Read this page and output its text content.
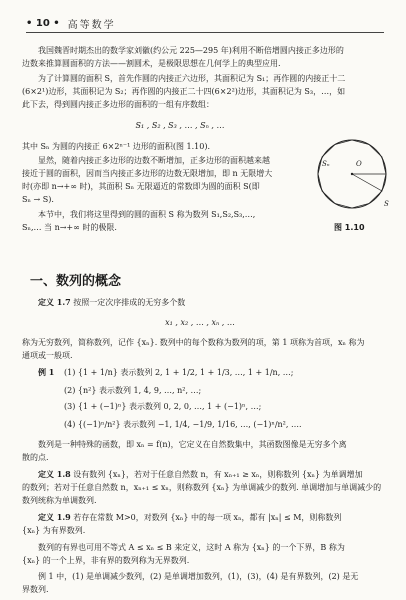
• 10 • 高等数学
我国魏晋时期杰出的数学家刘徽(约公元 225—295 年)利用不断倍增圆内接正多边形的
边数来推算圆面积的方法——割圆术，是极限思想在几何学上的典型应用.
为了计算圆的面积 S，首先作圆的内接正六边形，其面积记为 S₁；再作圆的内接正十二
(6×2¹)边形，其面积记为 S₂；再作圆的内接正二十四(6×2²)边形，其面积记为 S₃，…，如
此下去，得到圆内接正多边形的面积的一组有序数组：
S₁ , S₂ , S₃ , … , Sₙ , …
其中 Sₙ 为圆的内接正 6×2ⁿ⁻¹ 边形的面积(图 1.10).
显然，随着内接正多边形的边数不断增加，正多边形的面积越来越
接近于圆的面积，因而当内接正多边形的边数无限增加，即 n 无限增大
时(亦即 n→+∞ 时)，其面积 Sₙ 无限逼近的常数即为圆的面积 S(即
Sₙ → S).
本节中，我们将这里得到的圆的面积 S 称为数列 S₁,S₂,S₃,…,
Sₙ,… 当 n→+∞ 时的极限.
O
Sₙ
S
图 1.10
一、数列的概念
定义 1.7 按照一定次序排成的无穷多个数
x₁ , x₂ , … , xₙ , …
称为无穷数列，简称数列，记作 {xₙ}. 数列中的每个数称为数列的项，第 1 项称为首项，xₙ 称为
通项或一般项.
例 1 (1) {1 + 1/n} 表示数列 2, 1 + 1/2, 1 + 1/3, …, 1 + 1/n, …;
(2) {n²} 表示数列 1, 4, 9, …, n², …;
(3) {1 + (−1)ⁿ} 表示数列 0, 2, 0, …, 1 + (−1)ⁿ, …;
(4) {(−1)ⁿ/n²} 表示数列 −1, 1/4, −1/9, 1/16, …, (−1)ⁿ/n², ….
数列是一种特殊的函数，即 xₙ = f(n)，它定义在自然数集中，其函数图像是无穷多个离
散的点.
定义 1.8 设有数列 {xₙ}，若对于任意自然数 n，有 xₙ₊₁ ≥ xₙ，则称数列 {xₙ} 为单调增加
的数列；若对于任意自然数 n，xₙ₊₁ ≤ xₙ，则称数列 {xₙ} 为单调减少的数列. 单调增加与单调减少的
数列统称为单调数列.
定义 1.9 若存在常数 M>0，对数列 {xₙ} 中的每一项 xₙ，都有 |xₙ| ≤ M，则称数列
{xₙ} 为有界数列.
数列的有界也可用不等式 A ≤ xₙ ≤ B 来定义，这时 A 称为 {xₙ} 的一个下界，B 称为
{xₙ} 的一个上界，非有界的数列称为无界数列.
例 1 中，(1) 是单调减少数列，(2) 是单调增加数列，(1)，(3)，(4) 是有界数列，(2) 是无
界数列.
